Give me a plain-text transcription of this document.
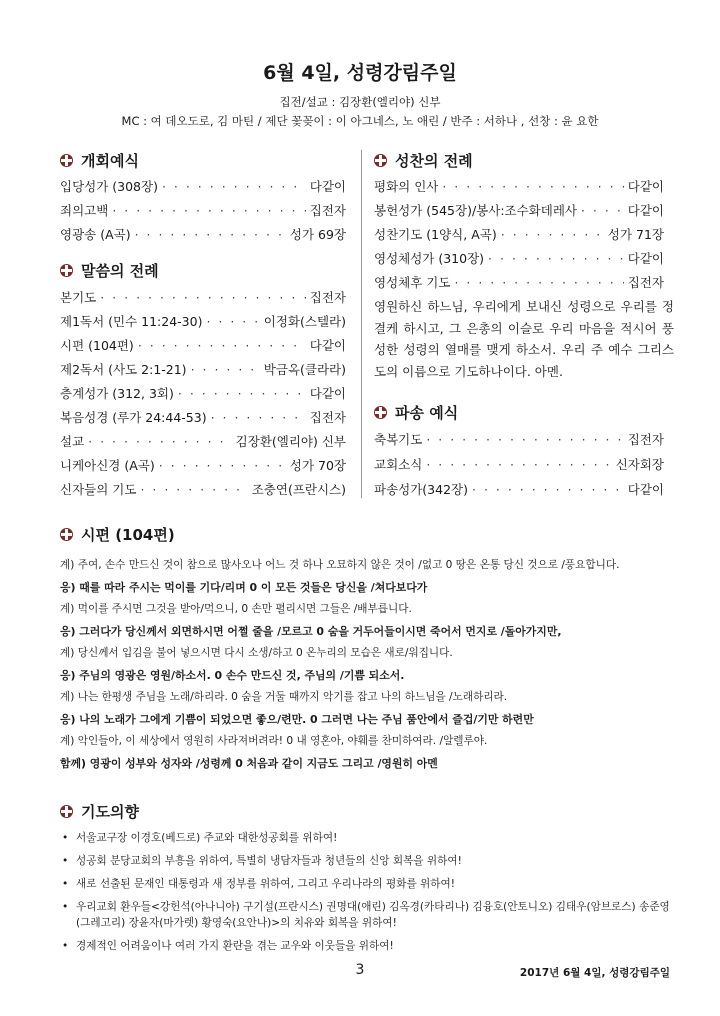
6월 4일, 성령강림주일
집전/설교 : 김장환(엘리야) 신부
MC : 여 데오도로, 김 마틴 / 제단 꽃꽂이 : 이 아그네스, 노 애린 / 반주 : 서하나 , 선창 : 윤 요한
개회예식
입당성가 (308장) · · ·	다같이
죄의고백 · · ·	집전자
영광송 (A곡) · · ·	성가 69장
말씀의 전례
본기도 · · ·	집전자
제1독서 (민수 11:24-30) · · ·	이정화(스텔라)
시편 (104편) · · ·	다같이
제2독서 (사도 2:1-21) · · ·	박금옥(클라라)
층계성가 (312, 3회) · · ·	다같이
복음성경 (루가 24:44-53) · · ·	집전자
설교 · · ·	김장환(엘리야) 신부
니케아신경 (A곡) · · ·	성가 70장
신자들의 기도 · · ·	조충연(프란시스)
성찬의 전례
평화의 인사 · · ·	다같이
봉헌성가 (545장)/봉사:조수화데레사 · · ·	다같이
성찬기도 (1양식, A곡) · · ·	성가 71장
영성체성가 (310장) · · ·	다같이
영성체후 기도 · · ·	집전자
영원하신 하느님, 우리에게 보내신 성령으로 우리를 정결케 하시고, 그 은총의 이슬로 우리 마음을 적시어 풍성한 성령의 열매를 맺게 하소서. 우리 주 예수 그리스도의 이름으로 기도하나이다. 아멘.
파송 예식
축복기도 · · ·	집전자
교회소식 · · ·	신자회장
파송성가(342장) · · ·	다같이
시편 (104편)
계) 주여, 손수 만드신 것이 참으로 많사오나 어느 것 하나 오묘하지 않은 것이 /없고 0 땅은 온통 당신 것으로 /풍요합니다.
응) 때를 따라 주시는 먹이를 기다/리며 0 이 모든 것들은 당신을 /쳐다보다가
계) 먹이를 주시면 그것을 받아/먹으니, 0 손만 펼리시면 그들은 /배부릅니다.
응) 그러다가 당신께서 외면하시면 어쩔 줄을 /모르고 0 숨을 거두어들이시면 죽어서 먼지로 /돌아가지만,
계) 당신께서 입김을 불어 넣으시면 다시 소생/하고 0 온누리의 모습은 새로/워집니다.
응) 주님의 영광은 영원/하소서. 0 손수 만드신 것, 주님의 /기쁨 되소서.
계) 나는 한평생 주님을 노래/하리라. 0 숨을 거둘 때까지 악기를 잡고 나의 하느님을 /노래하리라.
응) 나의 노래가 그에게 기쁨이 되었으면 좋으/련만. 0 그러면 나는 주님 품안에서 즐겁/기만 하련만
계) 악인들아, 이 세상에서 영원히 사라져버려라! 0 내 영혼아, 야훼를 찬미하여라. /알렐루야.
함께) 영광이 성부와 성자와 /성령께 0 처음과 같이 지금도 그리고 /영원히 아멘
기도의향
• 서울교구장 이경호(베드로) 주교와 대한성공회를 위하여!
• 성공회 분당교회의 부흥을 위하여, 특별히 냉담자들과 청년들의 신앙 회복을 위하여!
• 새로 선출된 문재인 대통령과 새 정부를 위하여, 그리고 우리나라의 평화를 위하여!
• 우리교회 환우들<강헌석(아나니아) 구기설(프란시스) 권명대(애린) 김옥경(카타리나) 김융호(안토니오) 김태우(암브로스) 송준영(그레고리) 장윤자(마가렛) 황영숙(요안나)>의 치유와 회복을 위하여!
• 경제적인 어려움이나 여러 가지 환란을 겪는 교우와 이웃들을 위하여!
3	2017년 6월 4일, 성령강림주일
